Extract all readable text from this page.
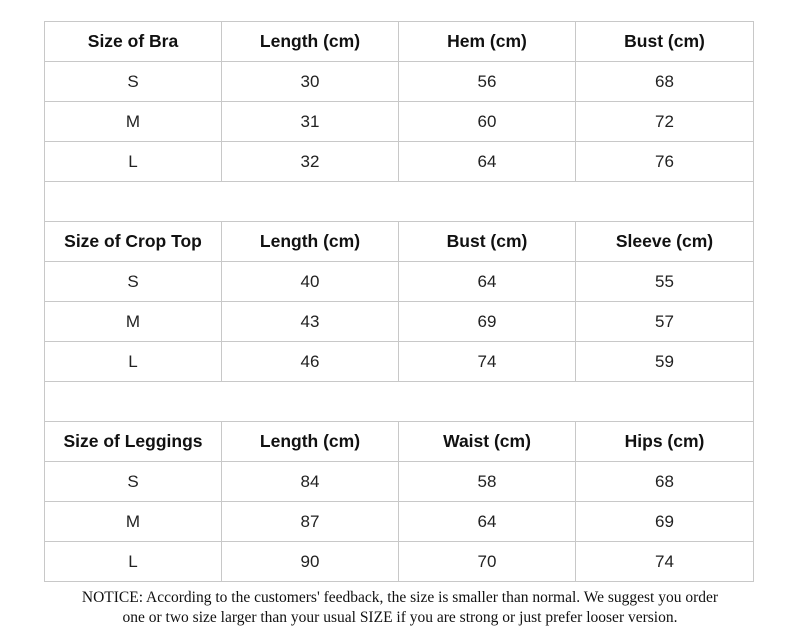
Size of Bra	Length (cm)	Hem (cm)	Bust (cm)
S	30	56	68
M	31	60	72
L	32	64	76

Size of Crop Top	Length (cm)	Bust (cm)	Sleeve (cm)
S	40	64	55
M	43	69	57
L	46	74	59

Size of Leggings	Length (cm)	Waist (cm)	Hips (cm)
S	84	58	68
M	87	64	69
L	90	70	74
NOTICE: According to the customers' feedback, the size is smaller than normal. We suggest you order
one or two size larger than your usual SIZE if you are strong or just prefer looser version.
